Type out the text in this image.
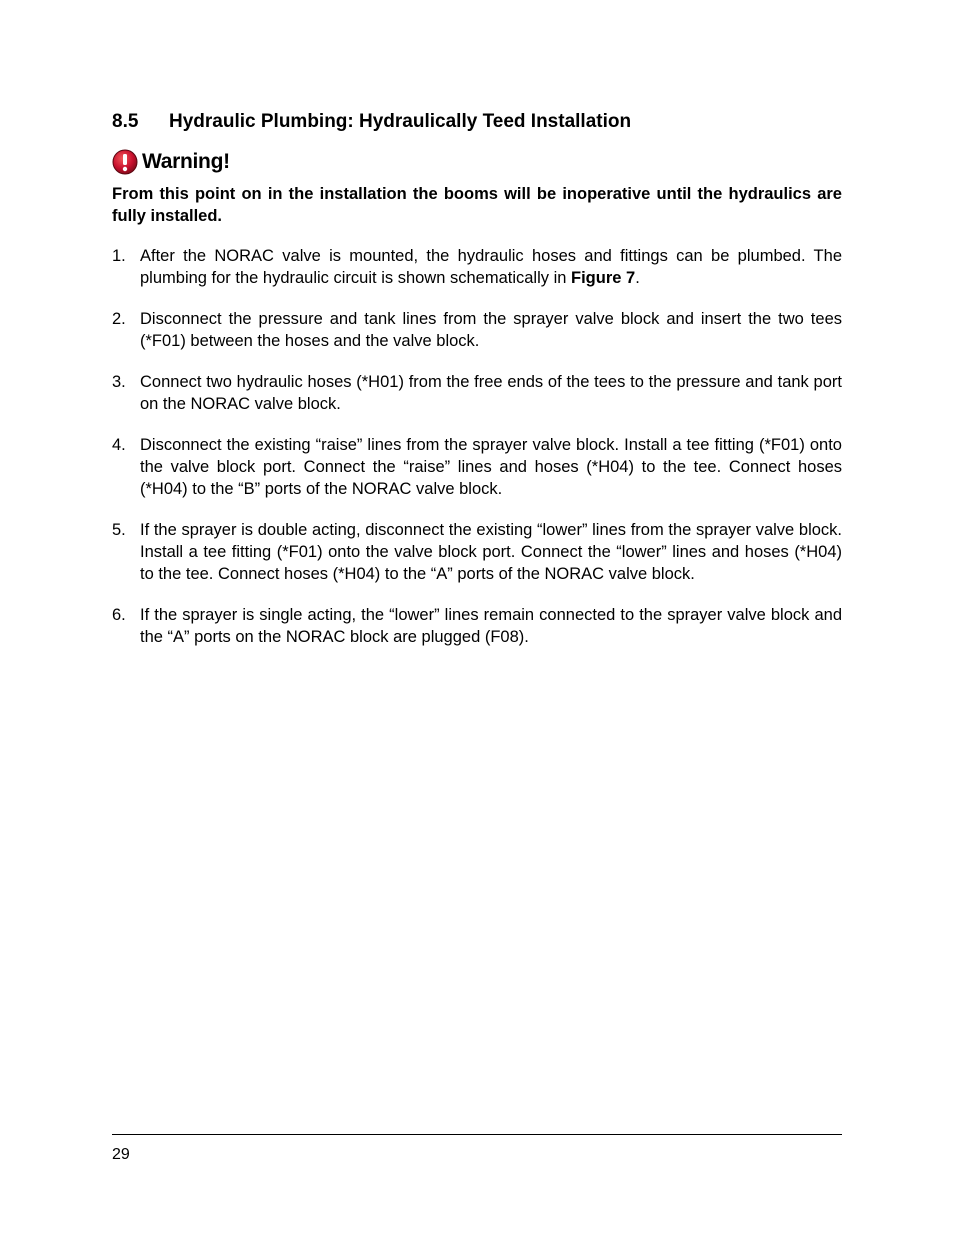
8.5 Hydraulic Plumbing: Hydraulically Teed Installation
Warning!
From this point on in the installation the booms will be inoperative until the hydraulics are fully installed.
1. After the NORAC valve is mounted, the hydraulic hoses and fittings can be plumbed. The plumbing for the hydraulic circuit is shown schematically in Figure 7.
2. Disconnect the pressure and tank lines from the sprayer valve block and insert the two tees (*F01) between the hoses and the valve block.
3. Connect two hydraulic hoses (*H01) from the free ends of the tees to the pressure and tank port on the NORAC valve block.
4. Disconnect the existing “raise” lines from the sprayer valve block. Install a tee fitting (*F01) onto the valve block port. Connect the “raise” lines and hoses (*H04) to the tee. Connect hoses (*H04) to the “B” ports of the NORAC valve block.
5. If the sprayer is double acting, disconnect the existing “lower” lines from the sprayer valve block. Install a tee fitting (*F01) onto the valve block port. Connect the “lower” lines and hoses (*H04) to the tee. Connect hoses (*H04) to the “A” ports of the NORAC valve block.
6. If the sprayer is single acting, the “lower” lines remain connected to the sprayer valve block and the “A” ports on the NORAC block are plugged (F08).
29
